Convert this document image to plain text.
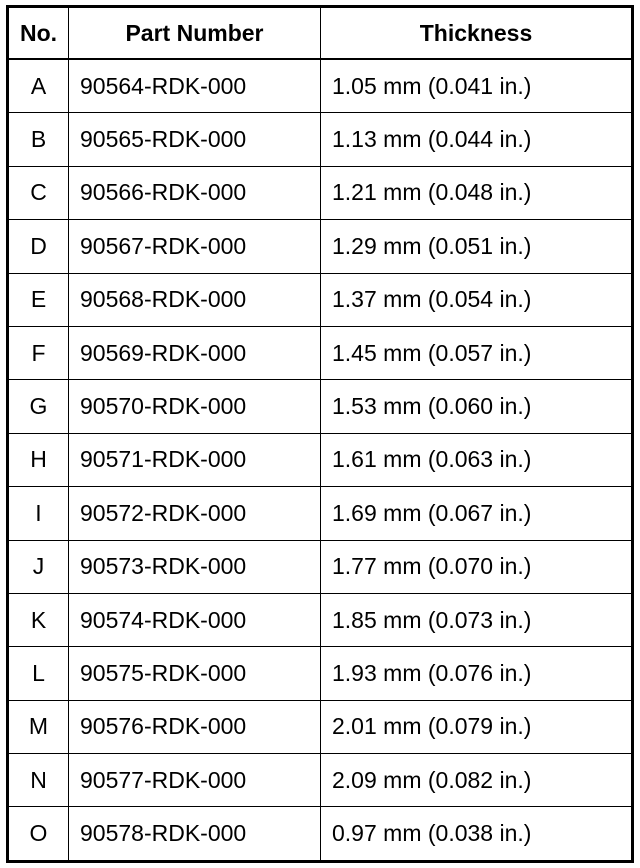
No.	Part Number	Thickness
A	90564-RDK-000	1.05 mm (0.041 in.)
B	90565-RDK-000	1.13 mm (0.044 in.)
C	90566-RDK-000	1.21 mm (0.048 in.)
D	90567-RDK-000	1.29 mm (0.051 in.)
E	90568-RDK-000	1.37 mm (0.054 in.)
F	90569-RDK-000	1.45 mm (0.057 in.)
G	90570-RDK-000	1.53 mm (0.060 in.)
H	90571-RDK-000	1.61 mm (0.063 in.)
I	90572-RDK-000	1.69 mm (0.067 in.)
J	90573-RDK-000	1.77 mm (0.070 in.)
K	90574-RDK-000	1.85 mm (0.073 in.)
L	90575-RDK-000	1.93 mm (0.076 in.)
M	90576-RDK-000	2.01 mm (0.079 in.)
N	90577-RDK-000	2.09 mm (0.082 in.)
O	90578-RDK-000	0.97 mm (0.038 in.)
